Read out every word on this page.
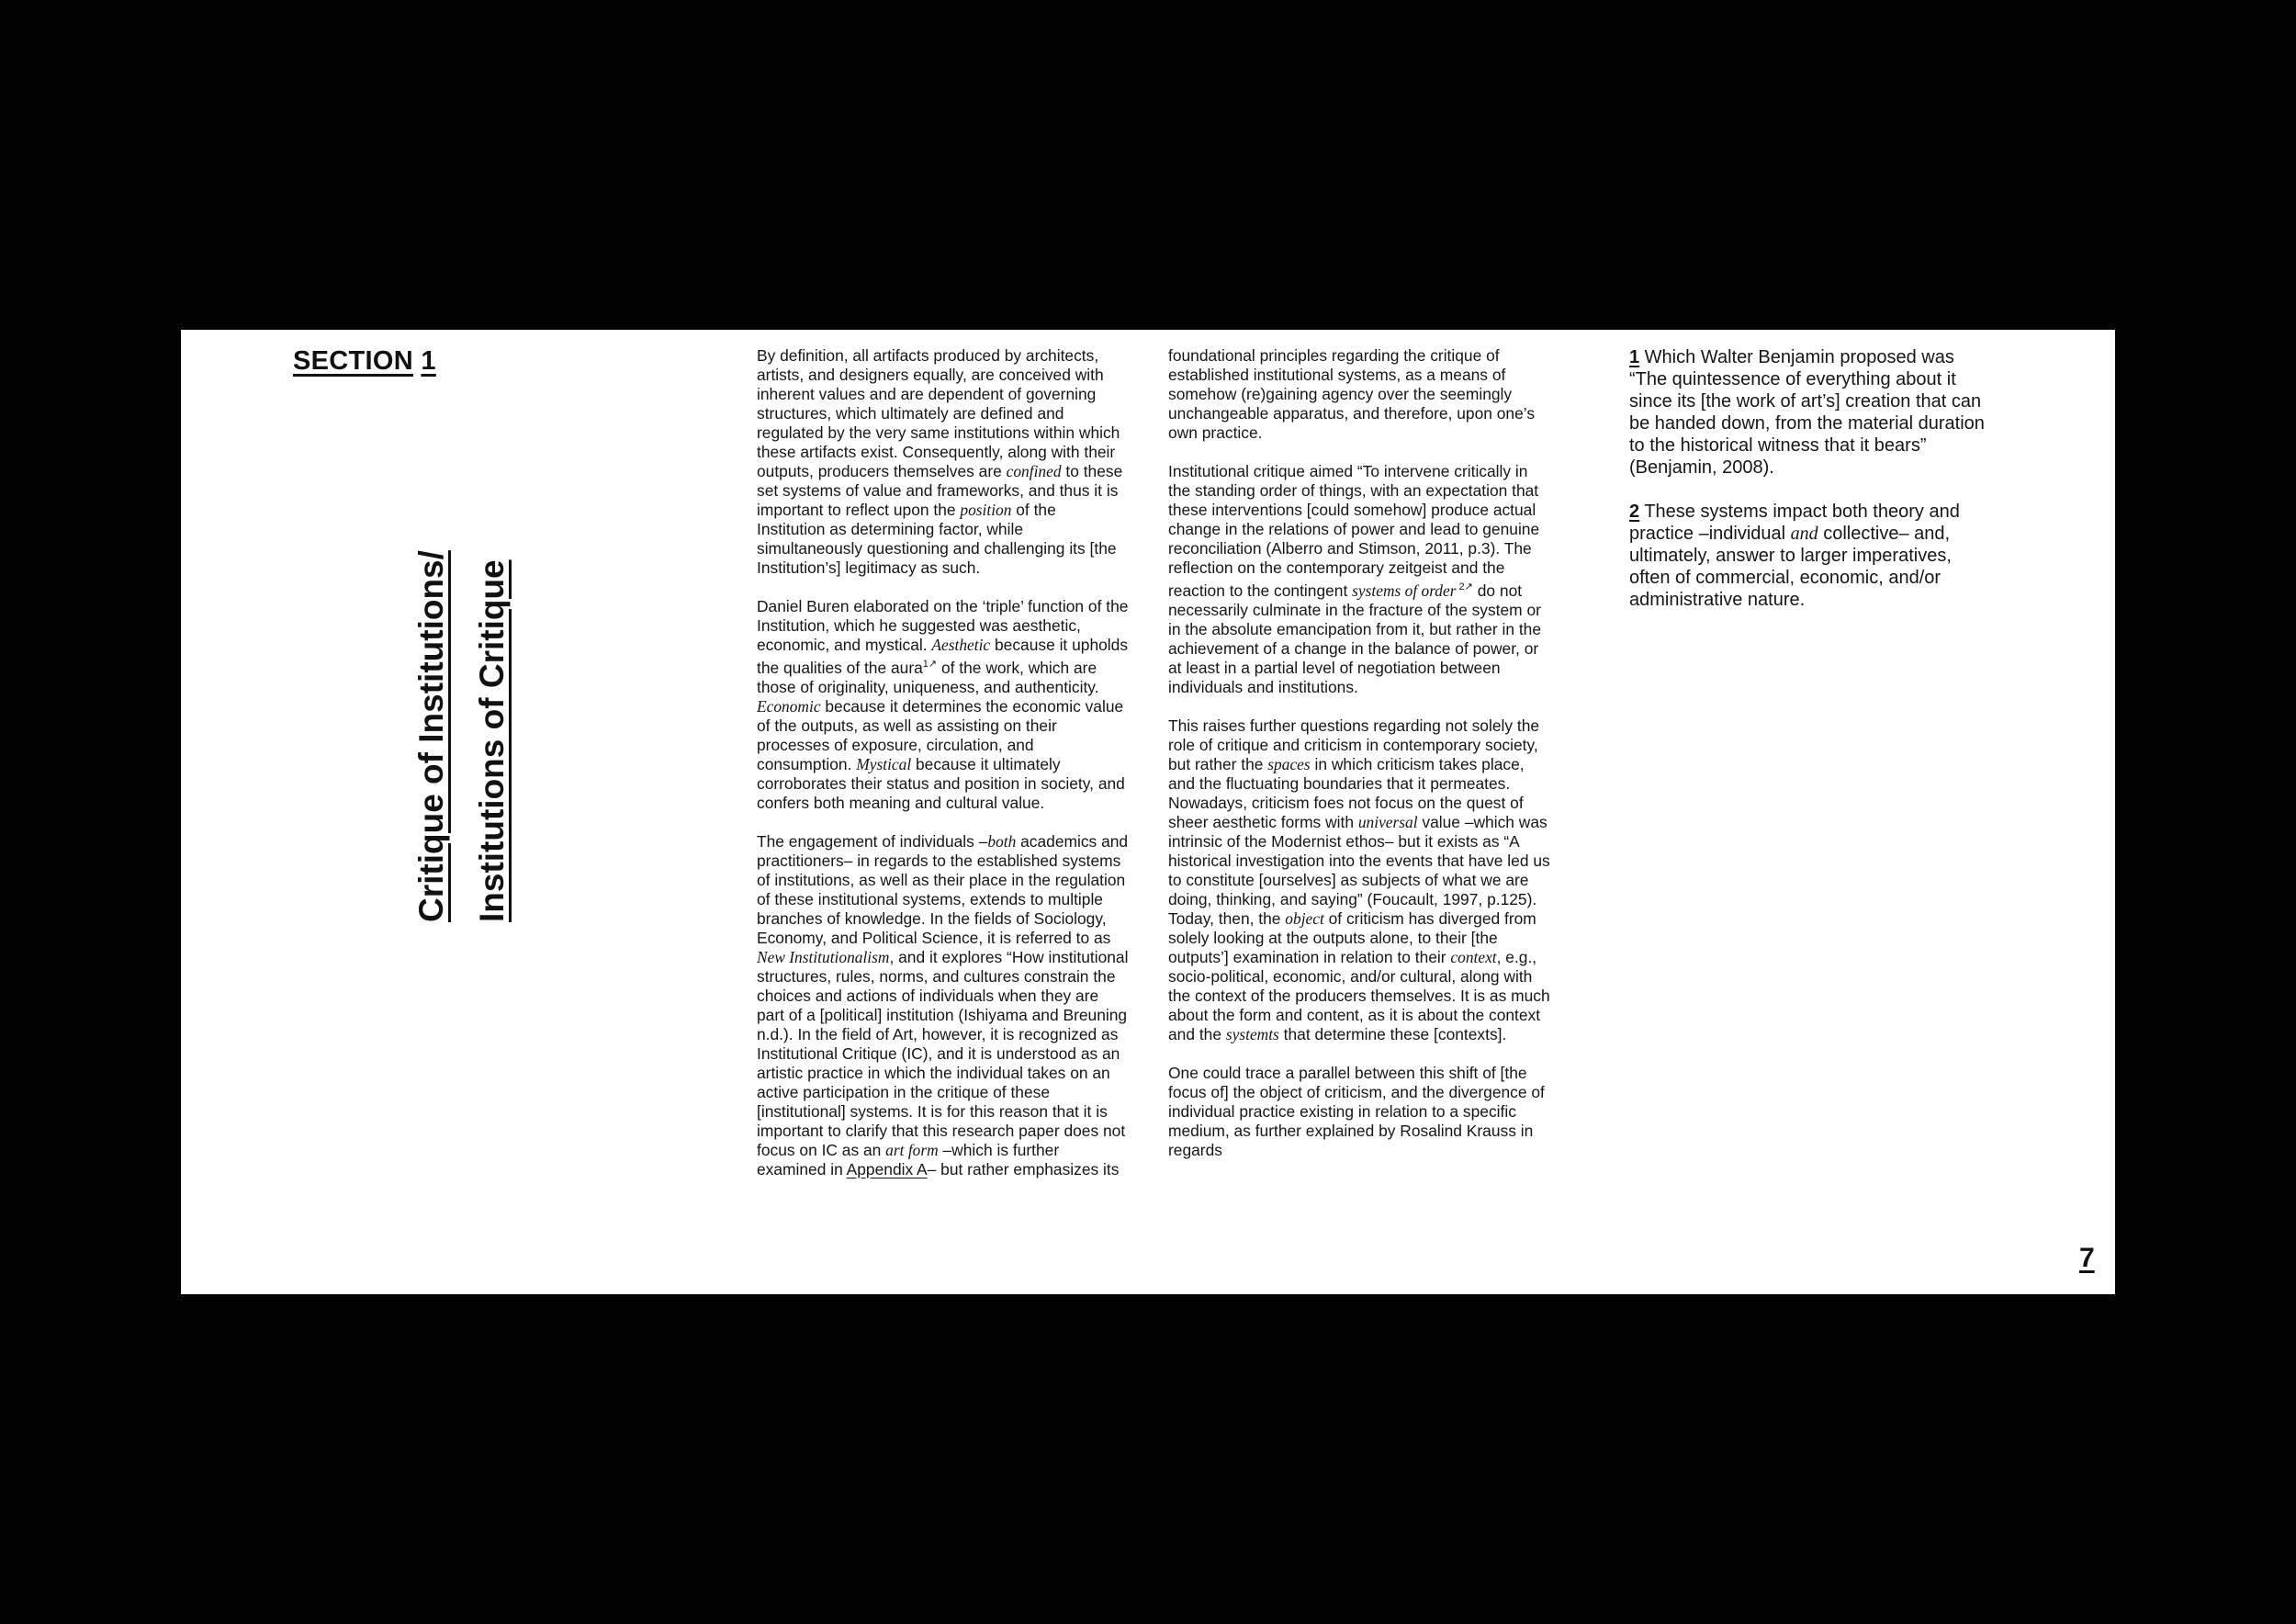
SECTION 1
Critique of Institutions/ Institutions of Critique

By definition, all artifacts produced by architects, artists, and designers equally, are conceived with inherent values and are dependent of governing structures, which ultimately are defined and regulated by the very same institutions within which these artifacts exist. Consequently, along with their outputs, producers themselves are confined to these set systems of value and frameworks, and thus it is important to reflect upon the position of the Institution as determining factor, while simultaneously questioning and challenging its [the Institution’s] legitimacy as such.

Daniel Buren elaborated on the ‘triple’ function of the Institution, which he suggested was aesthetic, economic, and mystical. Aesthetic because it upholds the qualities of the aura$^{1↗}$ of the work, which are those of originality, uniqueness, and authenticity. Economic because it determines the economic value of the outputs, as well as assisting on their processes of exposure, circulation, and consumption. Mystical because it ultimately corroborates their status and position in society, and confers both meaning and cultural value.

The engagement of individuals –both academics and practitioners– in regards to the established systems of institutions, as well as their place in the regulation of these institutional systems, extends to multiple branches of knowledge. In the fields of Sociology, Economy, and Political Science, it is referred to as New Institutionalism, and it explores “How institutional structures, rules, norms, and cultures constrain the choices and actions of individuals when they are part of a [political] institution (Ishiyama and Breuning n.d.). In the field of Art, however, it is recognized as Institutional Critique (IC), and it is understood as an artistic practice in which the individual takes on an active participation in the critique of these [institutional] systems. It is for this reason that it is important to clarify that this research paper does not focus on IC as an art form –which is further examined in Appendix A– but rather emphasizes its

foundational principles regarding the critique of established institutional systems, as a means of somehow (re)gaining agency over the seemingly unchangeable apparatus, and therefore, upon one’s own practice.

Institutional critique aimed “To intervene critically in the standing order of things, with an expectation that these interventions [could somehow] produce actual change in the relations of power and lead to genuine reconciliation (Alberro and Stimson, 2011, p.3). The reflection on the contemporary zeitgeist and the reaction to the contingent systems of order $^{2↗}$ do not necessarily culminate in the fracture of the system or in the absolute emancipation from it, but rather in the achievement of a change in the balance of power, or at least in a partial level of negotiation between individuals and institutions.

This raises further questions regarding not solely the role of critique and criticism in contemporary society, but rather the spaces in which criticism takes place, and the fluctuating boundaries that it permeates. Nowadays, criticism foes not focus on the quest of sheer aesthetic forms with universal value –which was intrinsic of the Modernist ethos– but it exists as “A historical investigation into the events that have led us to constitute [ourselves] as subjects of what we are doing, thinking, and saying” (Foucault, 1997, p.125). Today, then, the object of criticism has diverged from solely looking at the outputs alone, to their [the outputs’] examination in relation to their context, e.g., socio-political, economic, and/or cultural, along with the context of the producers themselves. It is as much about the form and content, as it is about the context and the systemts that determine these [contexts].

One could trace a parallel between this shift of [the focus of] the object of criticism, and the divergence of individual practice existing in relation to a specific medium, as further explained by Rosalind Krauss in regards

1 Which Walter Benjamin proposed was “The quintessence of everything about it since its [the work of art’s] creation that can be handed down, from the material duration to the historical witness that it bears” (Benjamin, 2008).

2 These systems impact both theory and practice –individual and collective– and, ultimately, answer to larger imperatives, often of commercial, economic, and/or administrative nature.

7
